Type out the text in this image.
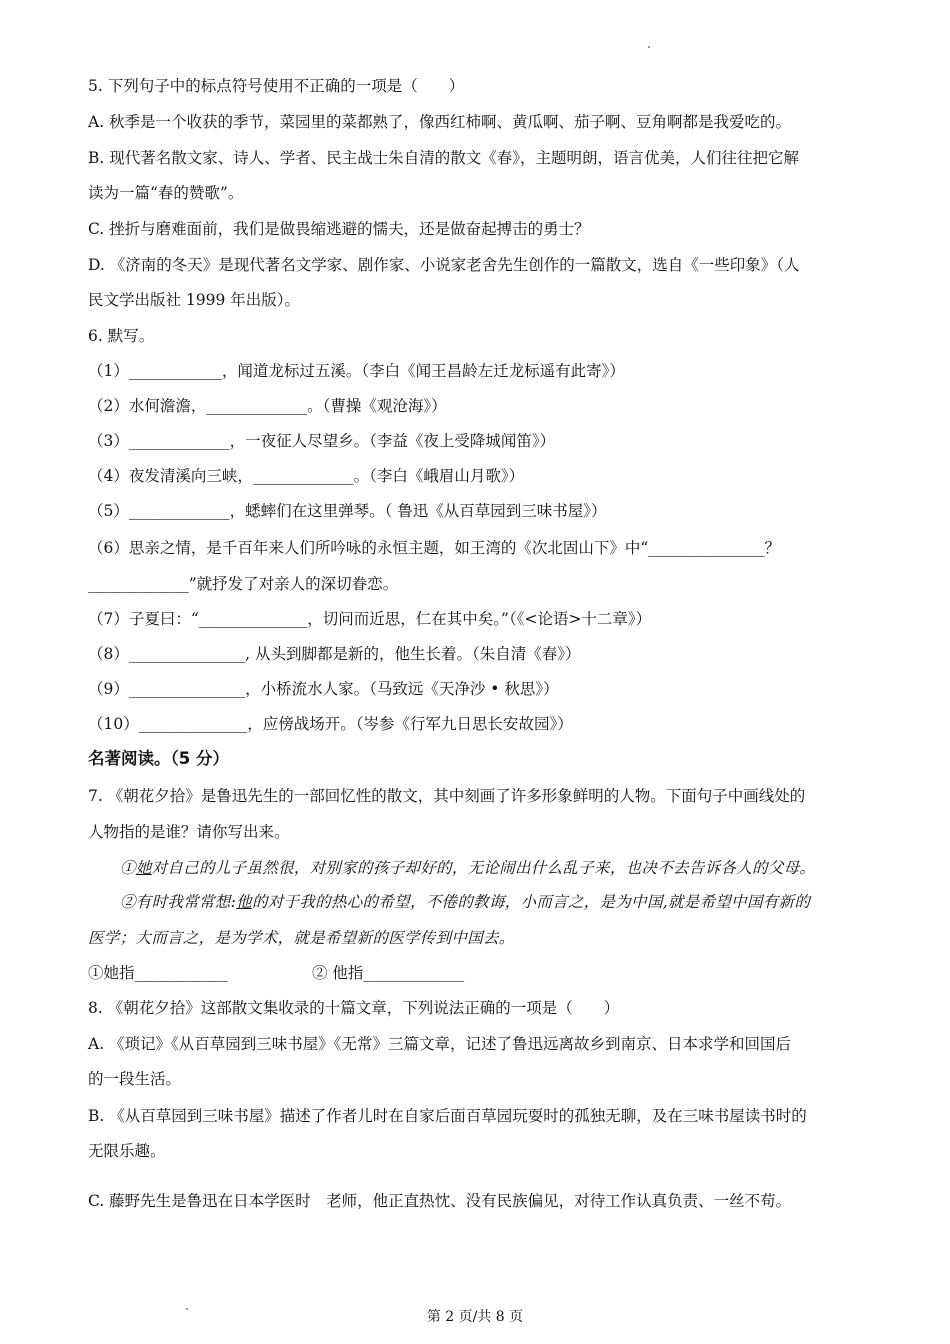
5. 下列句子中的标点符号使用不正确的一项是（　　）
A. 秋季是一个收获的季节，菜园里的菜都熟了，像西红柿啊、黄瓜啊、茄子啊、豆角啊都是我爱吃的。
B. 现代著名散文家、诗人、学者、民主战士朱自清的散文《春》，主题明朗，语言优美，人们往往把它解
读为一篇“春的赞歌”。
C. 挫折与磨难面前，我们是做畏缩逃避的懦夫，还是做奋起搏击的勇士？
D. 《济南的冬天》是现代著名文学家、剧作家、小说家老舍先生创作的一篇散文，选自《一些印象》（人
民文学出版社 1999 年出版）。
6. 默写。
（1）____________，闻道龙标过五溪。（李白《闻王昌龄左迁龙标遥有此寄》）
（2）水何澹澹，_____________。（曹操《观沧海》）
（3）_____________，一夜征人尽望乡。（李益《夜上受降城闻笛》）
（4）夜发清溪向三峡，_____________。（李白《峨眉山月歌》）
（5）_____________，蟋蟀们在这里弹琴。（ 鲁迅《从百草园到三味书屋》）
（6）思亲之情，是千百年来人们所吟咏的永恒主题，如王湾的《次北固山下》中“_______________？
_____________”就抒发了对亲人的深切眷恋。
（7）子夏曰：“______________，切问而近思，仁在其中矣。”（《<论语>十二章》）
（8）_______________, 从头到脚都是新的，他生长着。（朱自清《春》）
（9）_______________，小桥流水人家。（马致远《天净沙 • 秋思》）
（10）______________，应傍战场开。（岑参《行军九日思长安故园》）
名著阅读。（5 分）
7. 《朝花夕拾》是鲁迅先生的一部回忆性的散文，其中刻画了许多形象鲜明的人物。下面句子中画线处的
人物指的是谁？请你写出来。
①她对自己的儿子虽然很，对别家的孩子却好的，无论闹出什么乱子来，也决不去告诉各人的父母。
②有时我常常想:他的对于我的热心的希望，不倦的教诲，小而言之，是为中国,就是希望中国有新的
医学；大而言之，是为学术，就是希望新的医学传到中国去。
①她指____________	② 他指_____________
8. 《朝花夕拾》这部散文集收录的十篇文章，下列说法正确的一项是（　　）
A. 《琐记》《从百草园到三味书屋》《无常》三篇文章，记述了鲁迅远离故乡到南京、日本求学和回国后
的一段生活。
B. 《从百草园到三味书屋》描述了作者儿时在自家后面百草园玩耍时的孤独无聊，及在三味书屋读书时的
无限乐趣。
C. 藤野先生是鲁迅在日本学医时　老师，他正直热忱、没有民族偏见，对待工作认真负责、一丝不苟。
第 2 页/共 8 页
